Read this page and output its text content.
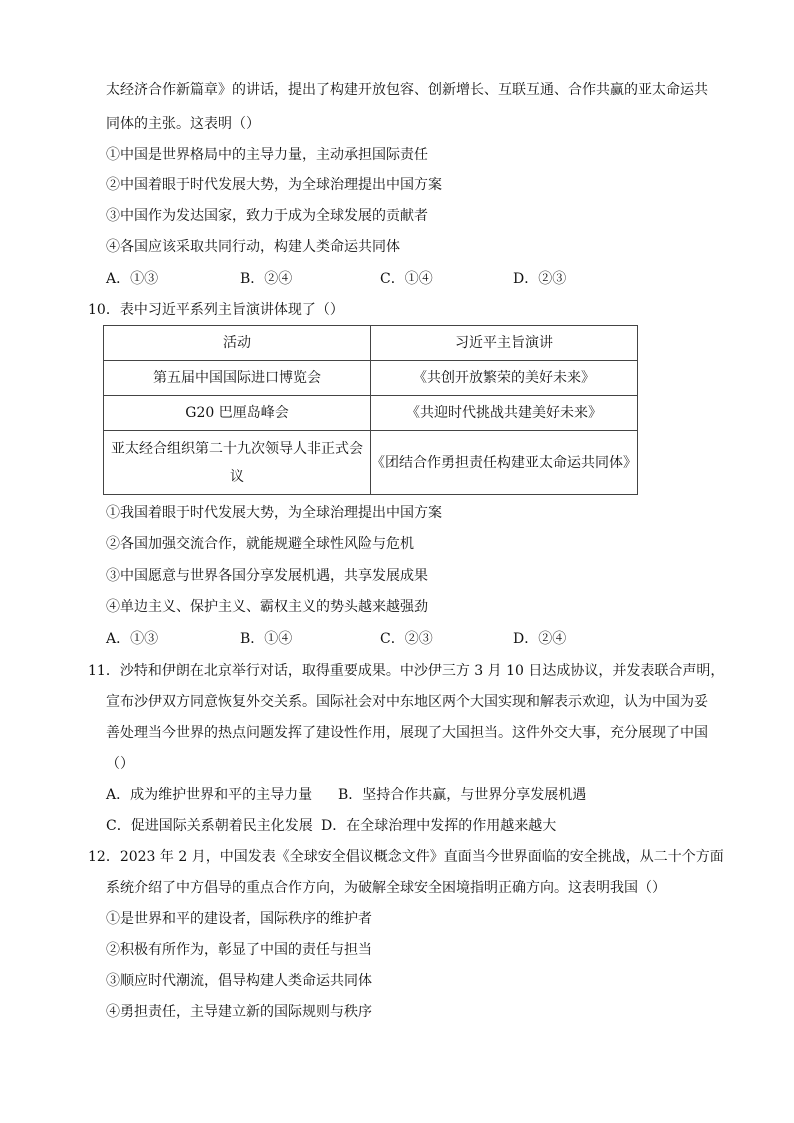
太经济合作新篇章》的讲话，提出了构建开放包容、创新增长、互联互通、合作共赢的亚太命运共
同体的主张。这表明（）
①中国是世界格局中的主导力量，主动承担国际责任
②中国着眼于时代发展大势，为全球治理提出中国方案
③中国作为发达国家，致力于成为全球发展的贡献者
④各国应该采取共同行动，构建人类命运共同体
A．①③	B．②④	C．①④	D．②③
10．表中习近平系列主旨演讲体现了（）
活动	习近平主旨演讲
第五届中国国际进口博览会	《共创开放繁荣的美好未来》
G20 巴厘岛峰会	《共迎时代挑战共建美好未来》

亚太经合组织第二十九次领导人非正式会
议	《团结合作勇担责任构建亚太命运共同体》
①我国着眼于时代发展大势，为全球治理提出中国方案
②各国加强交流合作，就能规避全球性风险与危机
③中国愿意与世界各国分享发展机遇，共享发展成果
④单边主义、保护主义、霸权主义的势头越来越强劲
A．①③	B．①④	C．②③	D．②④
11．沙特和伊朗在北京举行对话，取得重要成果。中沙伊三方 3 月 10 日达成协议，并发表联合声明，
宣布沙伊双方同意恢复外交关系。国际社会对中东地区两个大国实现和解表示欢迎，认为中国为妥
善处理当今世界的热点问题发挥了建设性作用，展现了大国担当。这件外交大事，充分展现了中国
（）
A．成为维护世界和平的主导力量 B．坚持合作共赢，与世界分享发展机遇
C．促进国际关系朝着民主化发展 D．在全球治理中发挥的作用越来越大
12．2023 年 2 月，中国发表《全球安全倡议概念文件》直面当今世界面临的安全挑战，从二十个方面
系统介绍了中方倡导的重点合作方向，为破解全球安全困境指明正确方向。这表明我国（）
①是世界和平的建设者，国际秩序的维护者
②积极有所作为，彰显了中国的责任与担当
③顺应时代潮流，倡导构建人类命运共同体
④勇担责任，主导建立新的国际规则与秩序
